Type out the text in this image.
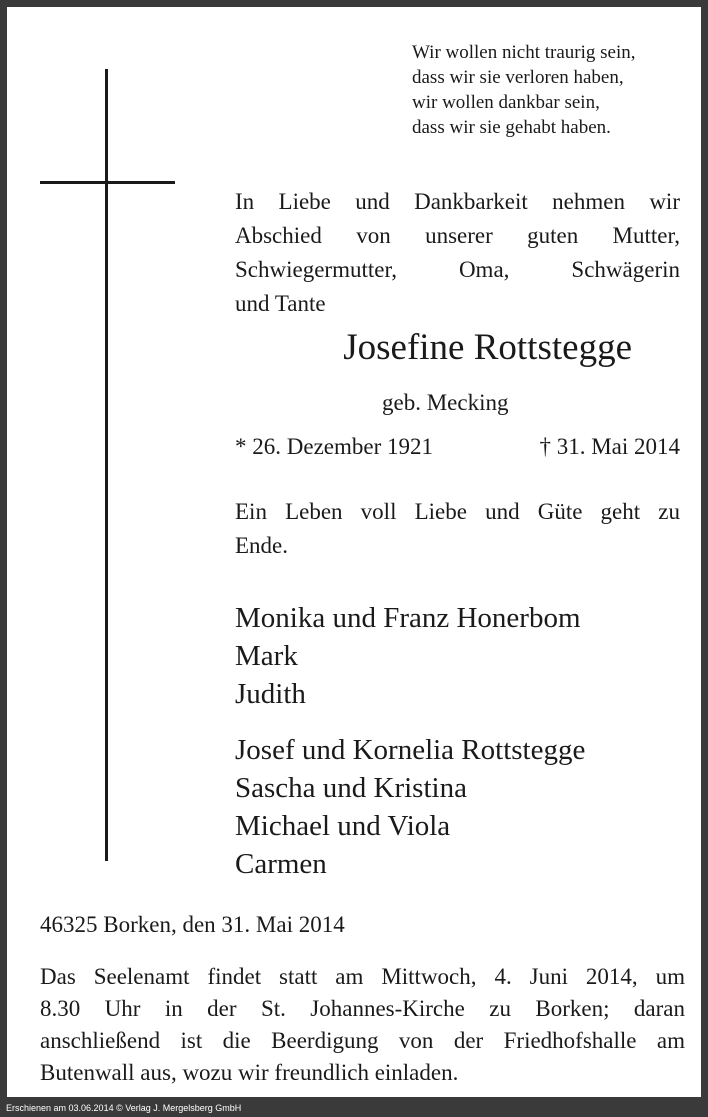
Wir wollen nicht traurig sein,
dass wir sie verloren haben,
wir wollen dankbar sein,
dass wir sie gehabt haben.
In Liebe und Dankbarkeit nehmen wir
Abschied von unserer guten Mutter,
Schwiegermutter, Oma, Schwägerin
und Tante
Josefine Rottstegge
geb. Mecking
* 26. Dezember 1921	† 31. Mai 2014
Ein Leben voll Liebe und Güte geht zu
Ende.
Monika und Franz Honerbom
Mark
Judith
Josef und Kornelia Rottstegge
Sascha und Kristina
Michael und Viola
Carmen
46325 Borken, den 31. Mai 2014
Das Seelenamt findet statt am Mittwoch, 4. Juni 2014, um
8.30 Uhr in der St. Johannes-Kirche zu Borken; daran
anschließend ist die Beerdigung von der Friedhofshalle am
Butenwall aus, wozu wir freundlich einladen.
Erschienen am 03.06.2014 © Verlag J. Mergelsberg GmbH
